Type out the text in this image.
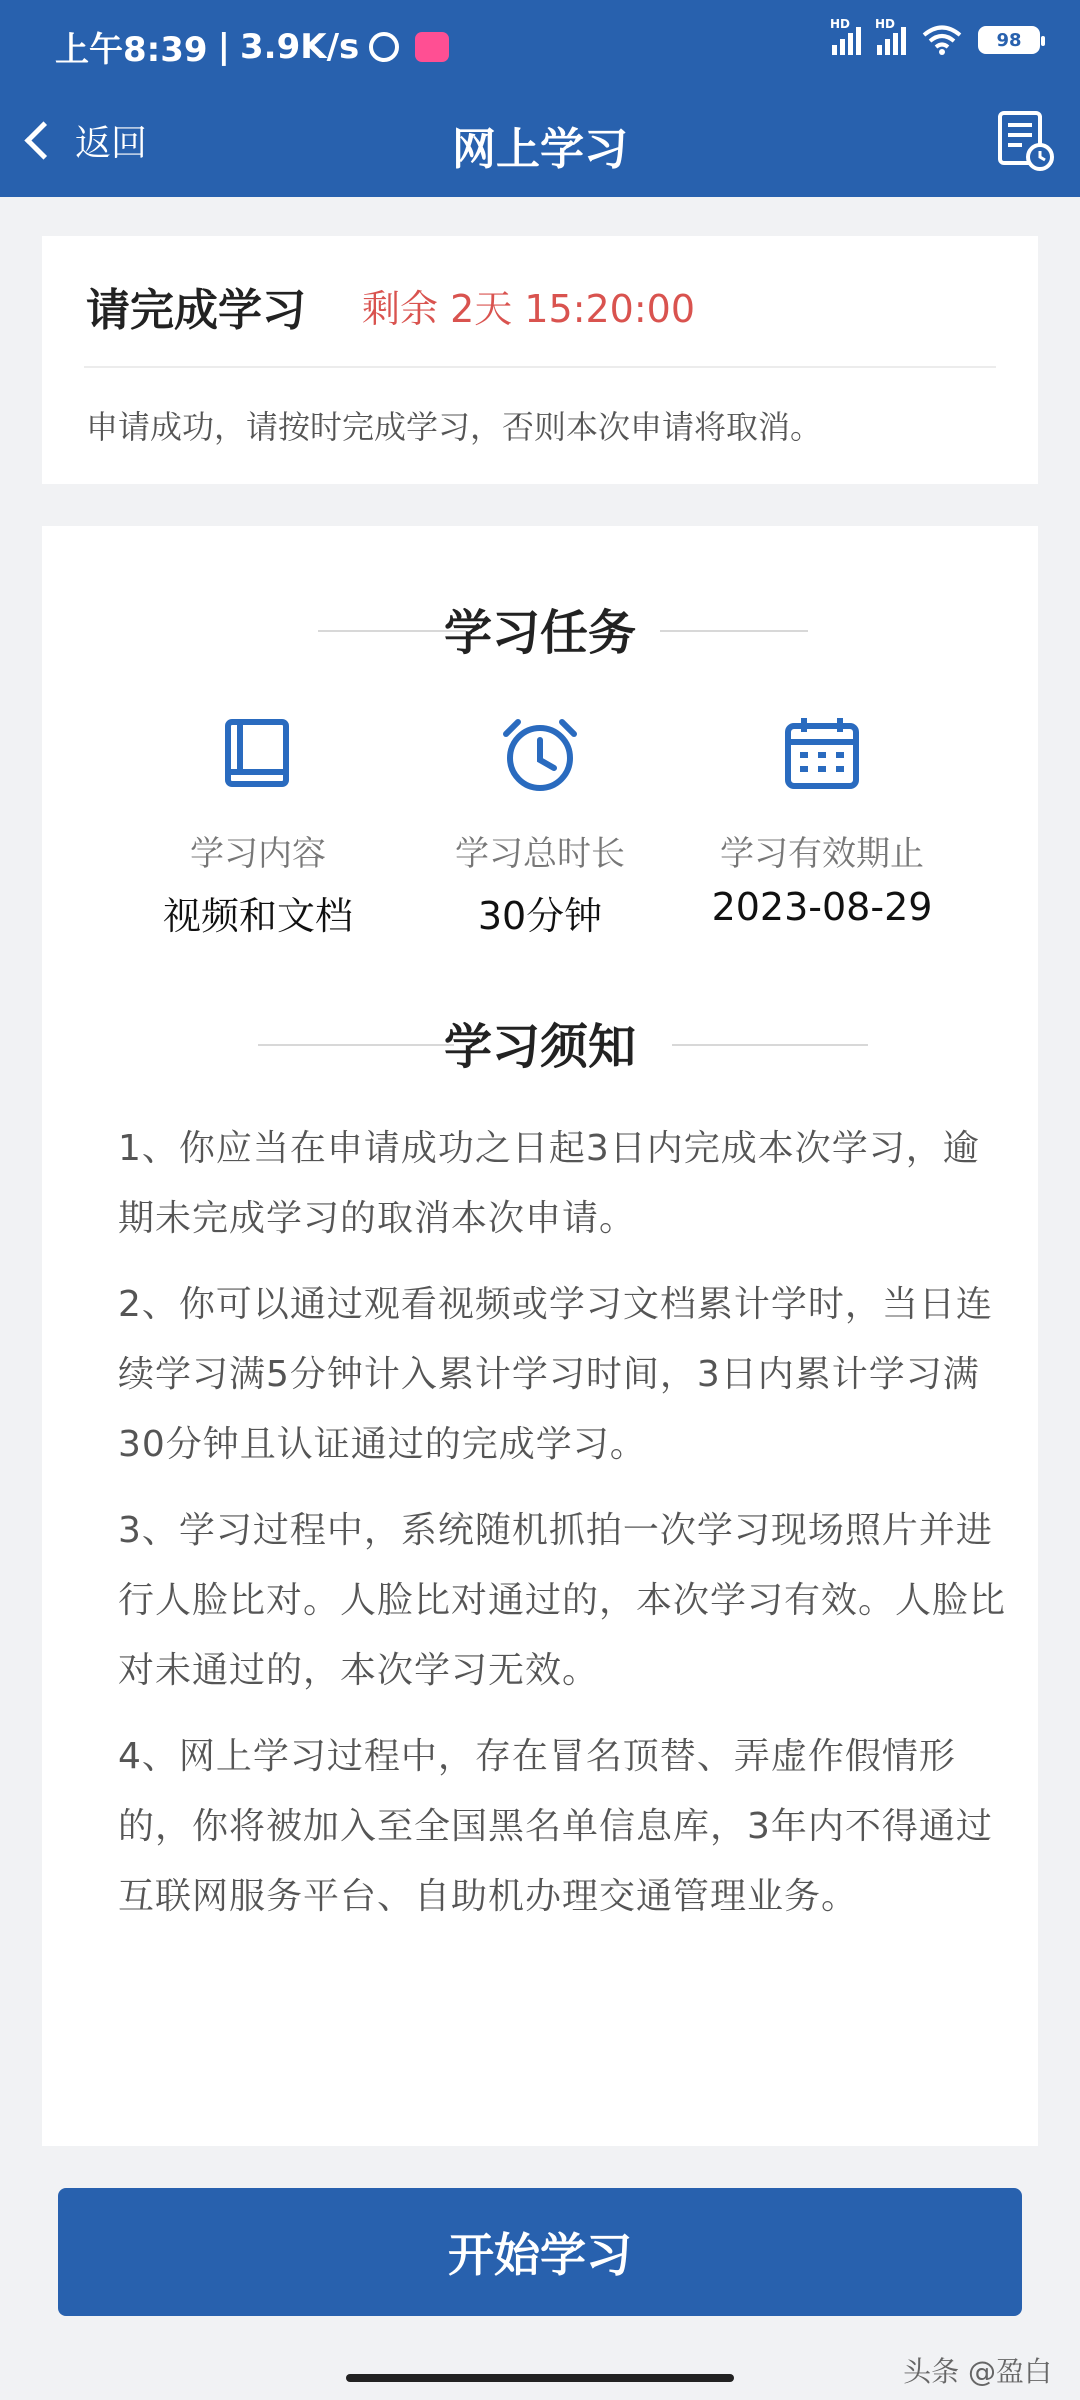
上午8:39 | 3.9K/s
HD HD
98
返回	网上学习
请完成学习 剩余 2天 15:20:00
申请成功，请按时完成学习，否则本次申请将取消。
学习任务
学习内容
视频和文档
学习总时长
30分钟
学习有效期止
2023-08-29
学习须知
1、你应当在申请成功之日起3日内完成本次学习，逾期未完成学习的取消本次申请。
2、你可以通过观看视频或学习文档累计学时，当日连续学习满5分钟计入累计学习时间，3日内累计学习满30分钟且认证通过的完成学习。
3、学习过程中，系统随机抓拍一次学习现场照片并进行人脸比对。人脸比对通过的，本次学习有效。人脸比对未通过的，本次学习无效。
4、网上学习过程中，存在冒名顶替、弄虚作假情形的，你将被加入至全国黑名单信息库，3年内不得通过互联网服务平台、自助机办理交通管理业务。
开始学习
头条 @盈白
